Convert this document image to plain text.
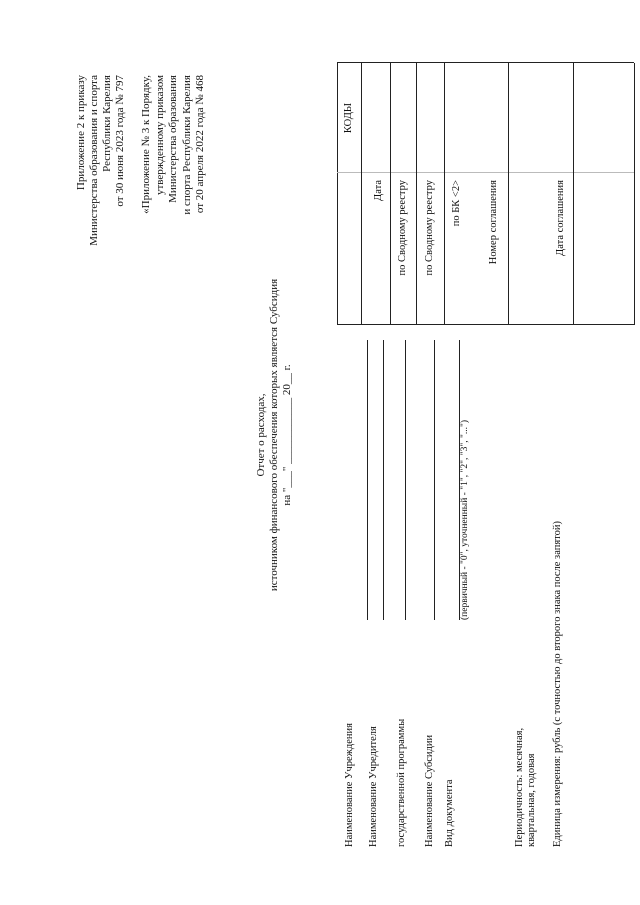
Приложение 2 к приказу Министерства образования и спорта Республики Карелия от 30 июня 2023 года № 797 «Приложение № 3 к Порядку, утвержденному приказом Министерства образования и спорта Республики Карелия от 20 апреля 2022 года № 468
Отчет о расходах, источником финансового обеспечения которых является Субсидия на "___" ____________ 20__ г.
КОДЫ
Дата по Сводному реестру по Сводному реестру по БК <2> Номер соглашения	Дата соглашения
Наименование Учреждения Наименование Учредителя государственной программы Наименование Субсидии Вид документа
(первичный - "0", уточненный - "1", "2", "3", "...")
Периодичность: месячная, квартальная, годовая Единица измерения: рубль (с точностью до второго знака после запятой)
